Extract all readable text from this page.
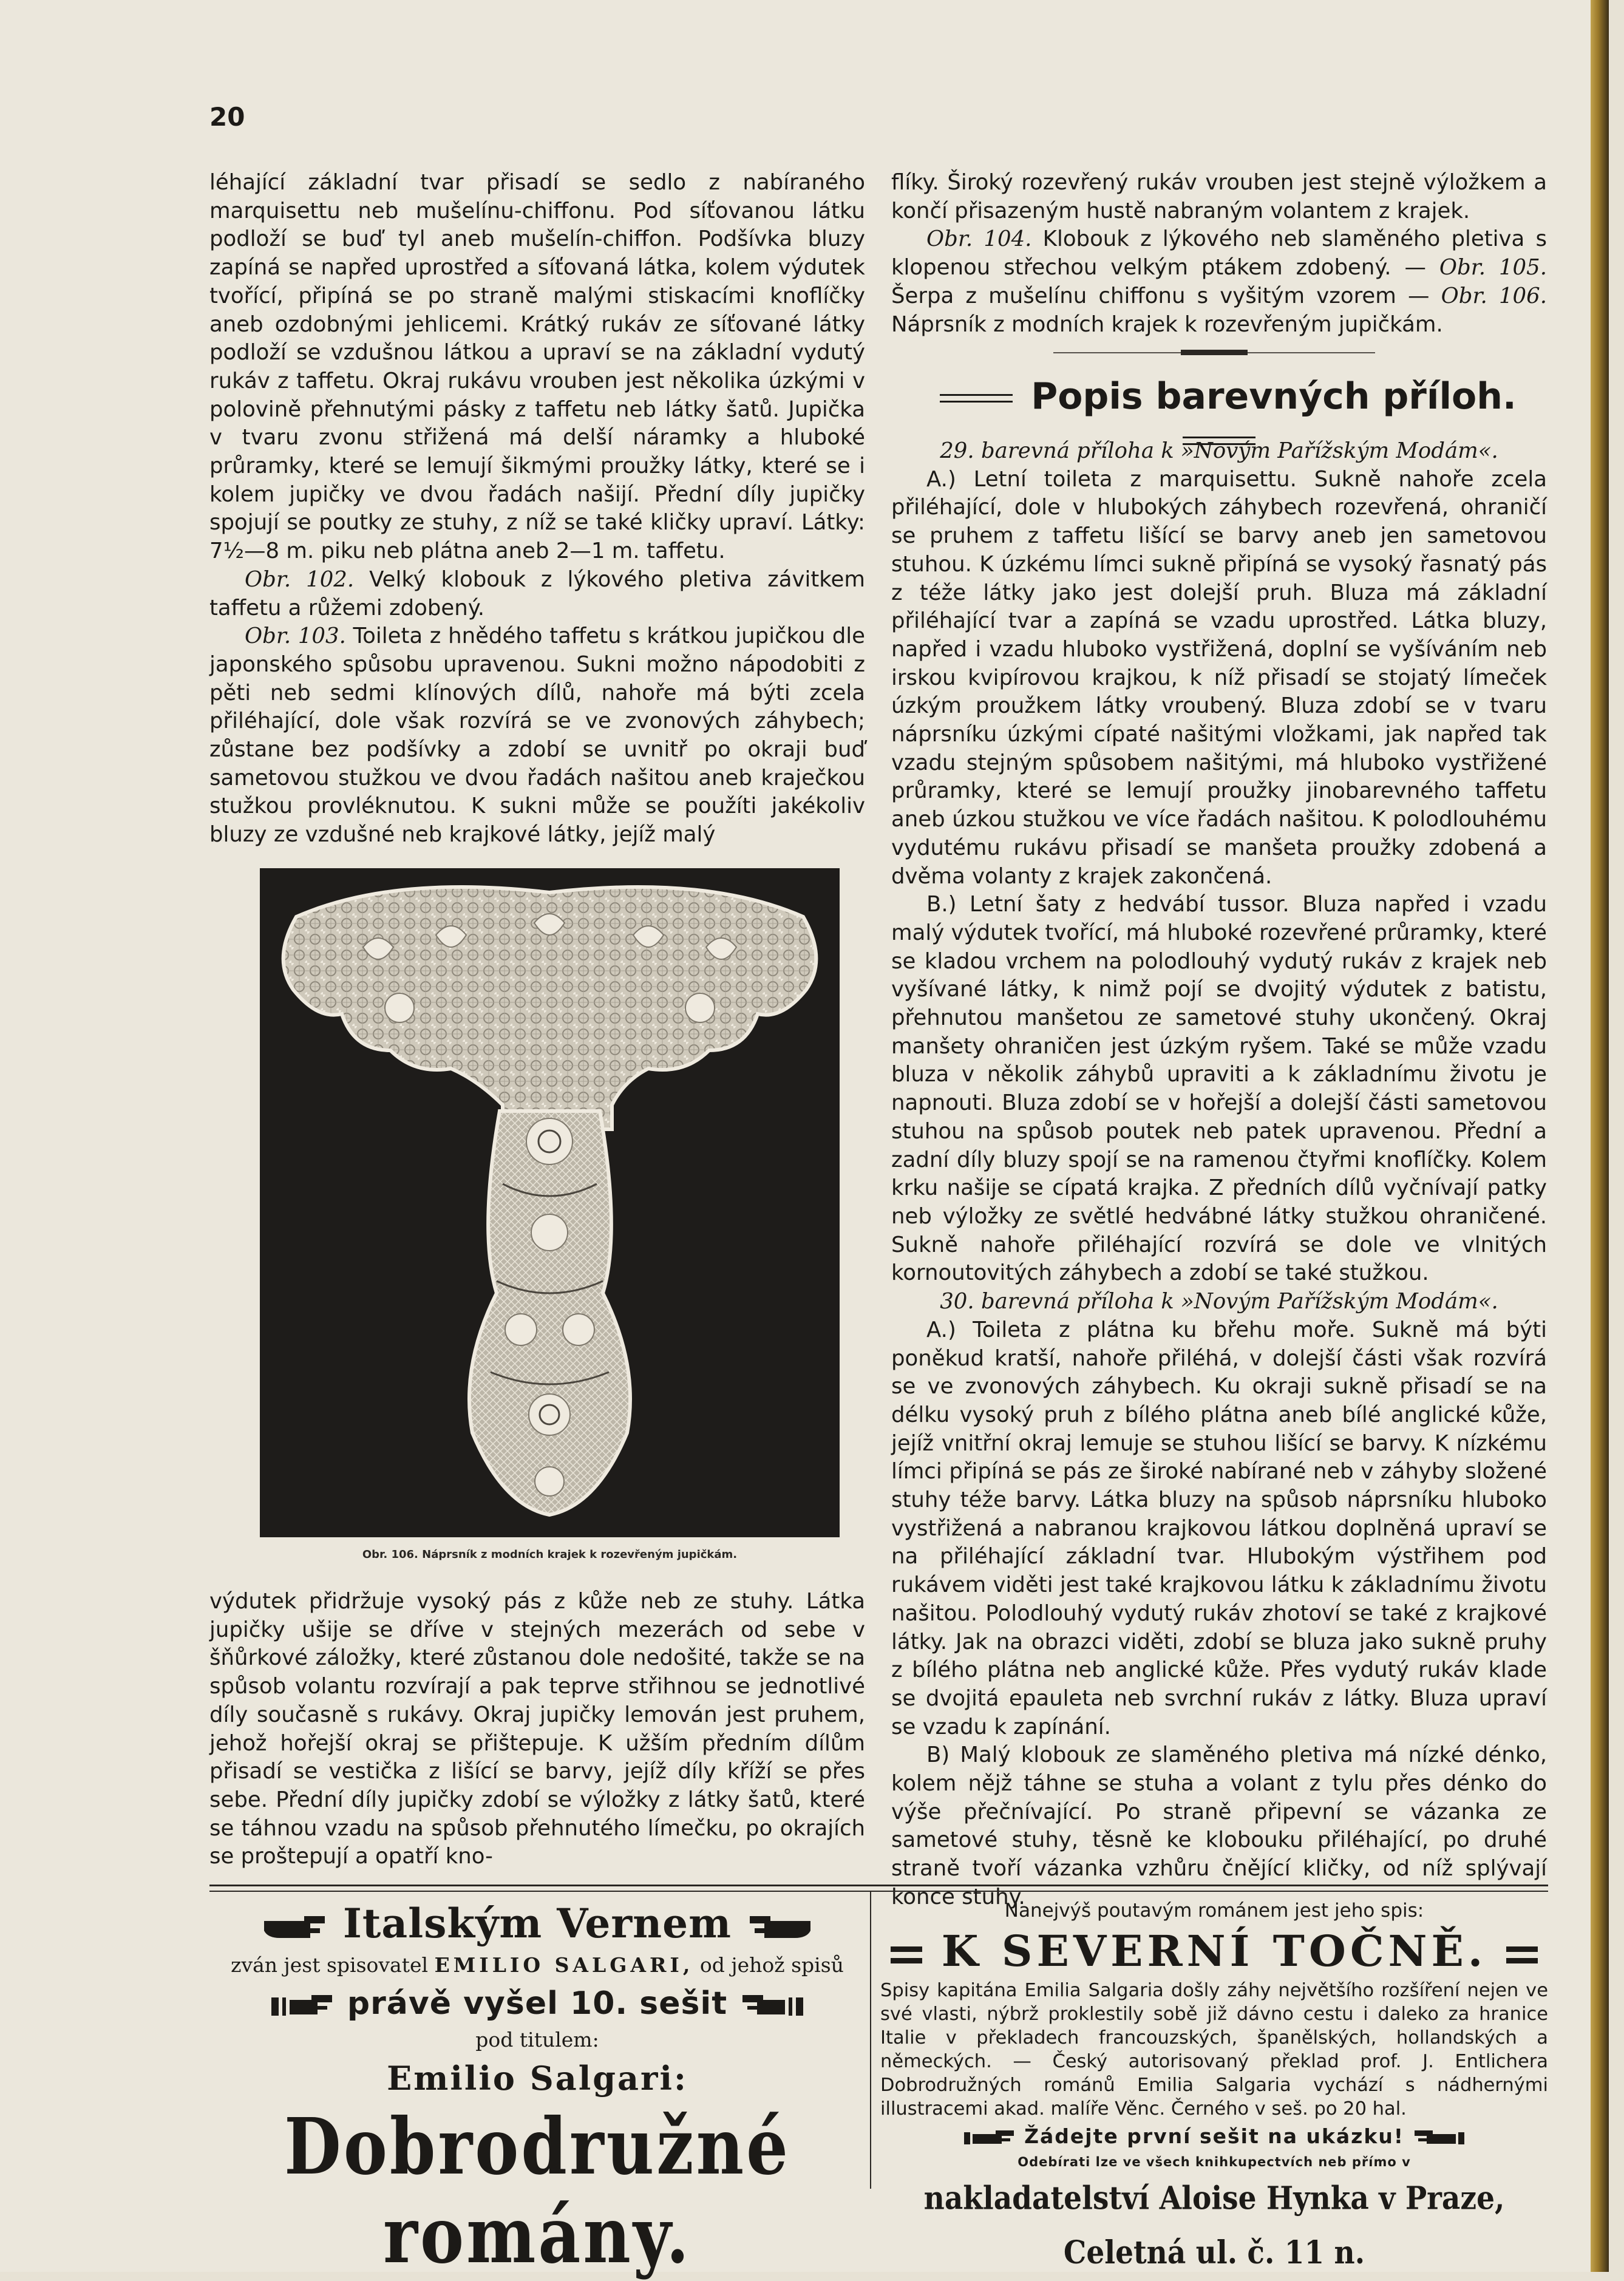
20

léhající základní tvar přisadí se sedlo z nabíraného marquisettu neb mušelínu-chiffonu. Pod síťovanou látku podloží se buď tyl aneb mušelín-chiffon. Podšívka bluzy zapíná se napřed uprostřed a síťovaná látka, kolem výdutek tvořící, připíná se po straně malými stiskacími knoflíčky aneb ozdobnými jehlicemi. Krátký rukáv ze síťované látky podloží se vzdušnou látkou a upraví se na základní vydutý rukáv z taffetu. Okraj rukávu vrouben jest několika úzkými v polovině přehnutými pásky z taffetu neb látky šatů. Jupička v tvaru zvonu střižená má delší náramky a hluboké průramky, které se lemují šikmými proužky látky, které se i kolem jupičky ve dvou řadách našijí. Přední díly jupičky spojují se poutky ze stuhy, z níž se také kličky upraví. Látky: 7½—8 m. piku neb plátna aneb 2—1 m. taffetu.

Obr. 102. Velký klobouk z lýkového pletiva závitkem taffetu a růžemi zdobený.

Obr. 103. Toileta z hnědého taffetu s krátkou jupičkou dle japonského spůsobu upravenou. Sukni možno nápodobiti z pěti neb sedmi klínových dílů, nahoře má býti zcela přiléhající, dole však rozvírá se ve zvonových záhybech; zůstane bez podšívky a zdobí se uvnitř po okraji buď sametovou stužkou ve dvou řadách našitou aneb kraječkou stužkou provléknutou. K sukni může se použíti jakékoliv bluzy ze vzdušné neb krajkové látky, jejíž malý

Obr. 106. Náprsník z modních krajek k rozevřeným jupičkám.

výdutek přidržuje vysoký pás z kůže neb ze stuhy. Látka jupičky ušije se dříve v stejných mezerách od sebe v šňůrkové záložky, které zůstanou dole nedošité, takže se na spůsob volantu rozvírají a pak teprve střihnou se jednotlivé díly současně s rukávy. Okraj jupičky lemován jest pruhem, jehož hořejší okraj se přištepuje. K užším předním dílům přisadí se vestička z lišící se barvy, jejíž díly kříží se přes sebe. Přední díly jupičky zdobí se výložky z látky šatů, které se táhnou vzadu na spůsob přehnutého límečku, po okrajích se proštepují a opatří kno-

flíky. Široký rozevřený rukáv vrouben jest stejně výložkem a končí přisazeným hustě nabraným volantem z krajek.

Obr. 104. Klobouk z lýkového neb slaměného pletiva s klopenou střechou velkým ptákem zdobený. — Obr. 105. Šerpa z mušelínu chiffonu s vyšitým vzorem — Obr. 106. Náprsník z modních krajek k rozevřeným jupičkám.

Popis barevných příloh.

29. barevná příloha k »Novým Pařížským Modám«.

A.) Letní toileta z marquisettu. Sukně nahoře zcela přiléhající, dole v hlubokých záhybech rozevřená, ohraničí se pruhem z taffetu lišící se barvy aneb jen sametovou stuhou. K úzkému límci sukně připíná se vysoký řasnatý pás z téže látky jako jest dolejší pruh. Bluza má základní přiléhající tvar a zapíná se vzadu uprostřed. Látka bluzy, napřed i vzadu hluboko vystřižená, doplní se vyšíváním neb irskou kvipírovou krajkou, k níž přisadí se stojatý límeček úzkým proužkem látky vroubený. Bluza zdobí se v tvaru náprsníku úzkými cípaté našitými vložkami, jak napřed tak vzadu stejným spůsobem našitými, má hluboko vystřižené průramky, které se lemují proužky jinobarevného taffetu aneb úzkou stužkou ve více řadách našitou. K polodlouhému vydutému rukávu přisadí se manšeta proužky zdobená a dvěma volanty z krajek zakončená.

B.) Letní šaty z hedvábí tussor. Bluza napřed i vzadu malý výdutek tvořící, má hluboké rozevřené průramky, které se kladou vrchem na polodlouhý vydutý rukáv z krajek neb vyšívané látky, k nimž pojí se dvojitý výdutek z batistu, přehnutou manšetou ze sametové stuhy ukončený. Okraj manšety ohraničen jest úzkým ryšem. Také se může vzadu bluza v několik záhybů upraviti a k základnímu životu je napnouti. Bluza zdobí se v hořejší a dolejší části sametovou stuhou na spůsob poutek neb patek upravenou. Přední a zadní díly bluzy spojí se na ramenou čtyřmi knoflíčky. Kolem krku našije se cípatá krajka. Z předních dílů vyčnívají patky neb výložky ze světlé hedvábné látky stužkou ohraničené. Sukně nahoře přiléhající rozvírá se dole ve vlnitých kornoutovitých záhybech a zdobí se také stužkou.

30. barevná příloha k »Novým Pařížským Modám«.

A.) Toileta z plátna ku břehu moře. Sukně má býti poněkud kratší, nahoře přiléhá, v dolejší části však rozvírá se ve zvonových záhybech. Ku okraji sukně přisadí se na délku vysoký pruh z bílého plátna aneb bílé anglické kůže, jejíž vnitřní okraj lemuje se stuhou lišící se barvy. K nízkému límci připíná se pás ze široké nabírané neb v záhyby složené stuhy téže barvy. Látka bluzy na spůsob náprsníku hluboko vystřižená a nabranou krajkovou látkou doplněná upraví se na přiléhající základní tvar. Hlubokým výstřihem pod rukávem viděti jest také krajkovou látku k základnímu životu našitou. Polodlouhý vydutý rukáv zhotoví se také z krajkové látky. Jak na obrazci viděti, zdobí se bluza jako sukně pruhy z bílého plátna neb anglické kůže. Přes vydutý rukáv klade se dvojitá epauleta neb svrchní rukáv z látky. Bluza upraví se vzadu k zapínání.

B) Malý klobouk ze slaměného pletiva má nízké dénko, kolem nějž táhne se stuha a volant z tylu přes dénko do výše přečnívající. Po straně připevní se vázanka ze sametové stuhy, těsně ke klobouku přiléhající, po druhé straně tvoří vázanka vzhůru čnějící kličky, od níž splývají konce stuhy.

Italským Vernem
zván jest spisovatel EMILIO SALGARI, od jehož spisů
právě vyšel 10. sešit
pod titulem:
Emilio Salgari:
Dobrodružné romány.
Nanejvýš poutavým románem jest jeho spis:
K SEVERNÍ TOČNĚ.
Spisy kapitána Emilia Salgaria došly záhy největšího rozšíření nejen ve své vlasti, nýbrž proklestily sobě již dávno cestu i daleko za hranice Italie v překladech francouzských, španělských, hollandských a německých. — Český autorisovaný překlad prof. J. Entlichera Dobrodružných románů Emilia Salgaria vychází s nádhernými illustracemi akad. malíře Věnc. Černého v seš. po 20 hal.
Žádejte první sešit na ukázku!
Odebírati lze ve všech knihkupectvích neb přímo v
nakladatelství Aloise Hynka v Praze, Celetná ul. č. 11 n.
